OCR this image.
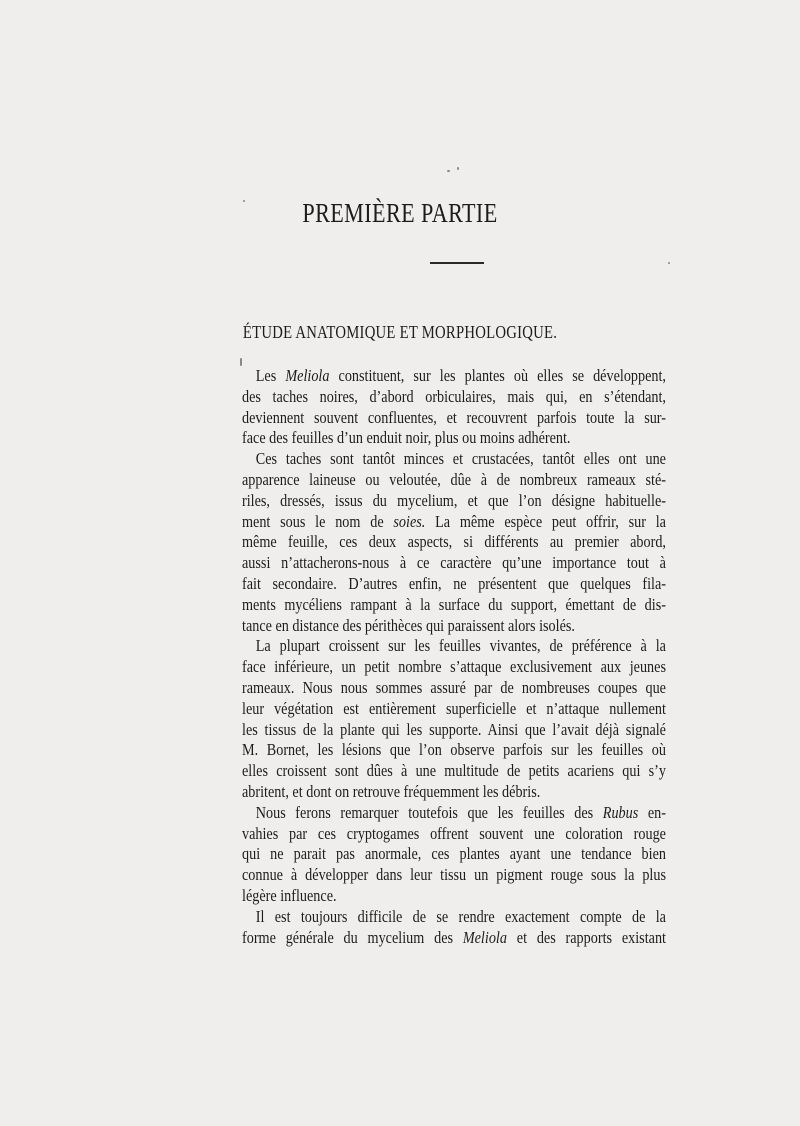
PREMIÈRE PARTIE
ÉTUDE ANATOMIQUE ET MORPHOLOGIQUE.
Les Meliola constituent, sur les plantes où elles se développent,
des taches noires, d’abord orbiculaires, mais qui, en s’étendant,
deviennent souvent confluentes, et recouvrent parfois toute la sur-
face des feuilles d’un enduit noir, plus ou moins adhérent.
Ces taches sont tantôt minces et crustacées, tantôt elles ont une
apparence laineuse ou veloutée, dûe à de nombreux rameaux sté-
riles, dressés, issus du mycelium, et que l’on désigne habituelle-
ment sous le nom de soies. La même espèce peut offrir, sur la
même feuille, ces deux aspects, si différents au premier abord,
aussi n’attacherons-nous à ce caractère qu’une importance tout à
fait secondaire. D’autres enfin, ne présentent que quelques fila-
ments mycéliens rampant à la surface du support, émettant de dis-
tance en distance des périthèces qui paraissent alors isolés.
La plupart croissent sur les feuilles vivantes, de préférence à la
face inférieure, un petit nombre s’attaque exclusivement aux jeunes
rameaux. Nous nous sommes assuré par de nombreuses coupes que
leur végétation est entièrement superficielle et n’attaque nullement
les tissus de la plante qui les supporte. Ainsi que l’avait déjà signalé
M. Bornet, les lésions que l’on observe parfois sur les feuilles où
elles croissent sont dûes à une multitude de petits acariens qui s’y
abritent, et dont on retrouve fréquemment les débris.
Nous ferons remarquer toutefois que les feuilles des Rubus en-
vahies par ces cryptogames offrent souvent une coloration rouge
qui ne parait pas anormale, ces plantes ayant une tendance bien
connue à développer dans leur tissu un pigment rouge sous la plus
légère influence.
Il est toujours difficile de se rendre exactement compte de la
forme générale du mycelium des Meliola et des rapports existant
